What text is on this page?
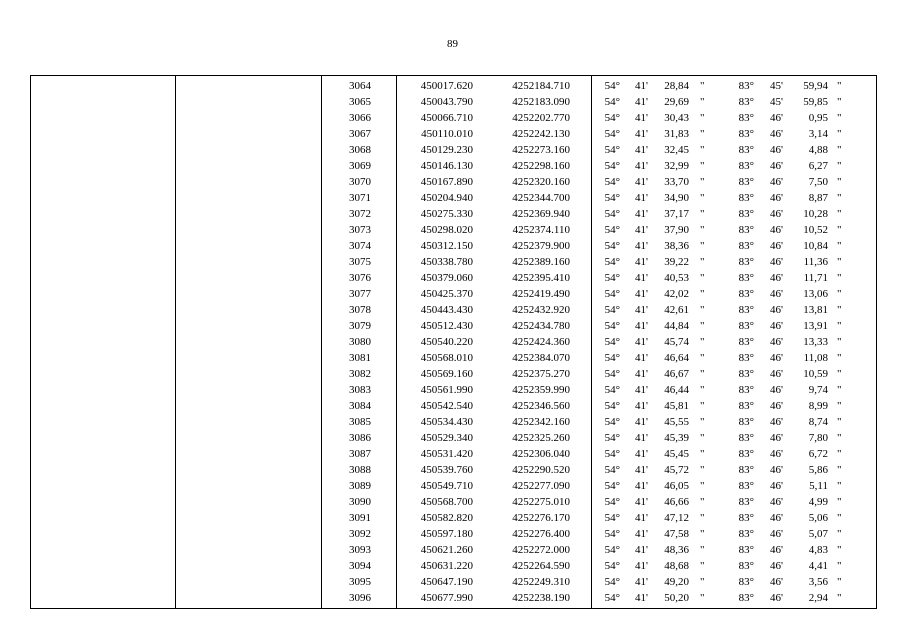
89
3064	450017.620	4252184.710	54° 41' 28,84 "	83° 45'	59,94 "
3065	450043.790	4252183.090	54° 41' 29,69 "	83° 45'	59,85 "
3066	450066.710	4252202.770	54° 41' 30,43 "	83° 46'	0,95 "
3067	450110.010	4252242.130	54° 41' 31,83 "	83° 46'	3,14 "
3068	450129.230	4252273.160	54° 41' 32,45 "	83° 46'	4,88 "
3069	450146.130	4252298.160	54° 41' 32,99 "	83° 46'	6,27 "
3070	450167.890	4252320.160	54° 41' 33,70 "	83° 46'	7,50 "
3071	450204.940	4252344.700	54° 41' 34,90 "	83° 46'	8,87 "
3072	450275.330	4252369.940	54° 41' 37,17 "	83° 46'	10,28 "
3073	450298.020	4252374.110	54° 41' 37,90 "	83° 46'	10,52 "
3074	450312.150	4252379.900	54° 41' 38,36 "	83° 46'	10,84 "
3075	450338.780	4252389.160	54° 41' 39,22 "	83° 46'	11,36 "
3076	450379.060	4252395.410	54° 41' 40,53 "	83° 46'	11,71 "
3077	450425.370	4252419.490	54° 41' 42,02 "	83° 46'	13,06 "
3078	450443.430	4252432.920	54° 41' 42,61 "	83° 46'	13,81 "
3079	450512.430	4252434.780	54° 41' 44,84 "	83° 46'	13,91 "
3080	450540.220	4252424.360	54° 41' 45,74 "	83° 46'	13,33 "
3081	450568.010	4252384.070	54° 41' 46,64 "	83° 46'	11,08 "
3082	450569.160	4252375.270	54° 41' 46,67 "	83° 46'	10,59 "
3083	450561.990	4252359.990	54° 41' 46,44 "	83° 46'	9,74 "
3084	450542.540	4252346.560	54° 41' 45,81 "	83° 46'	8,99 "
3085	450534.430	4252342.160	54° 41' 45,55 "	83° 46'	8,74 "
3086	450529.340	4252325.260	54° 41' 45,39 "	83° 46'	7,80 "
3087	450531.420	4252306.040	54° 41' 45,45 "	83° 46'	6,72 "
3088	450539.760	4252290.520	54° 41' 45,72 "	83° 46'	5,86 "
3089	450549.710	4252277.090	54° 41' 46,05 "	83° 46'	5,11 "
3090	450568.700	4252275.010	54° 41' 46,66 "	83° 46'	4,99 "
3091	450582.820	4252276.170	54° 41' 47,12 "	83° 46'	5,06 "
3092	450597.180	4252276.400	54° 41' 47,58 "	83° 46'	5,07 "
3093	450621.260	4252272.000	54° 41' 48,36 "	83° 46'	4,83 "
3094	450631.220	4252264.590	54° 41' 48,68 "	83° 46'	4,41 "
3095	450647.190	4252249.310	54° 41' 49,20 "	83° 46'	3,56 "
3096	450677.990	4252238.190	54° 41' 50,20 "	83° 46'	2,94 "
